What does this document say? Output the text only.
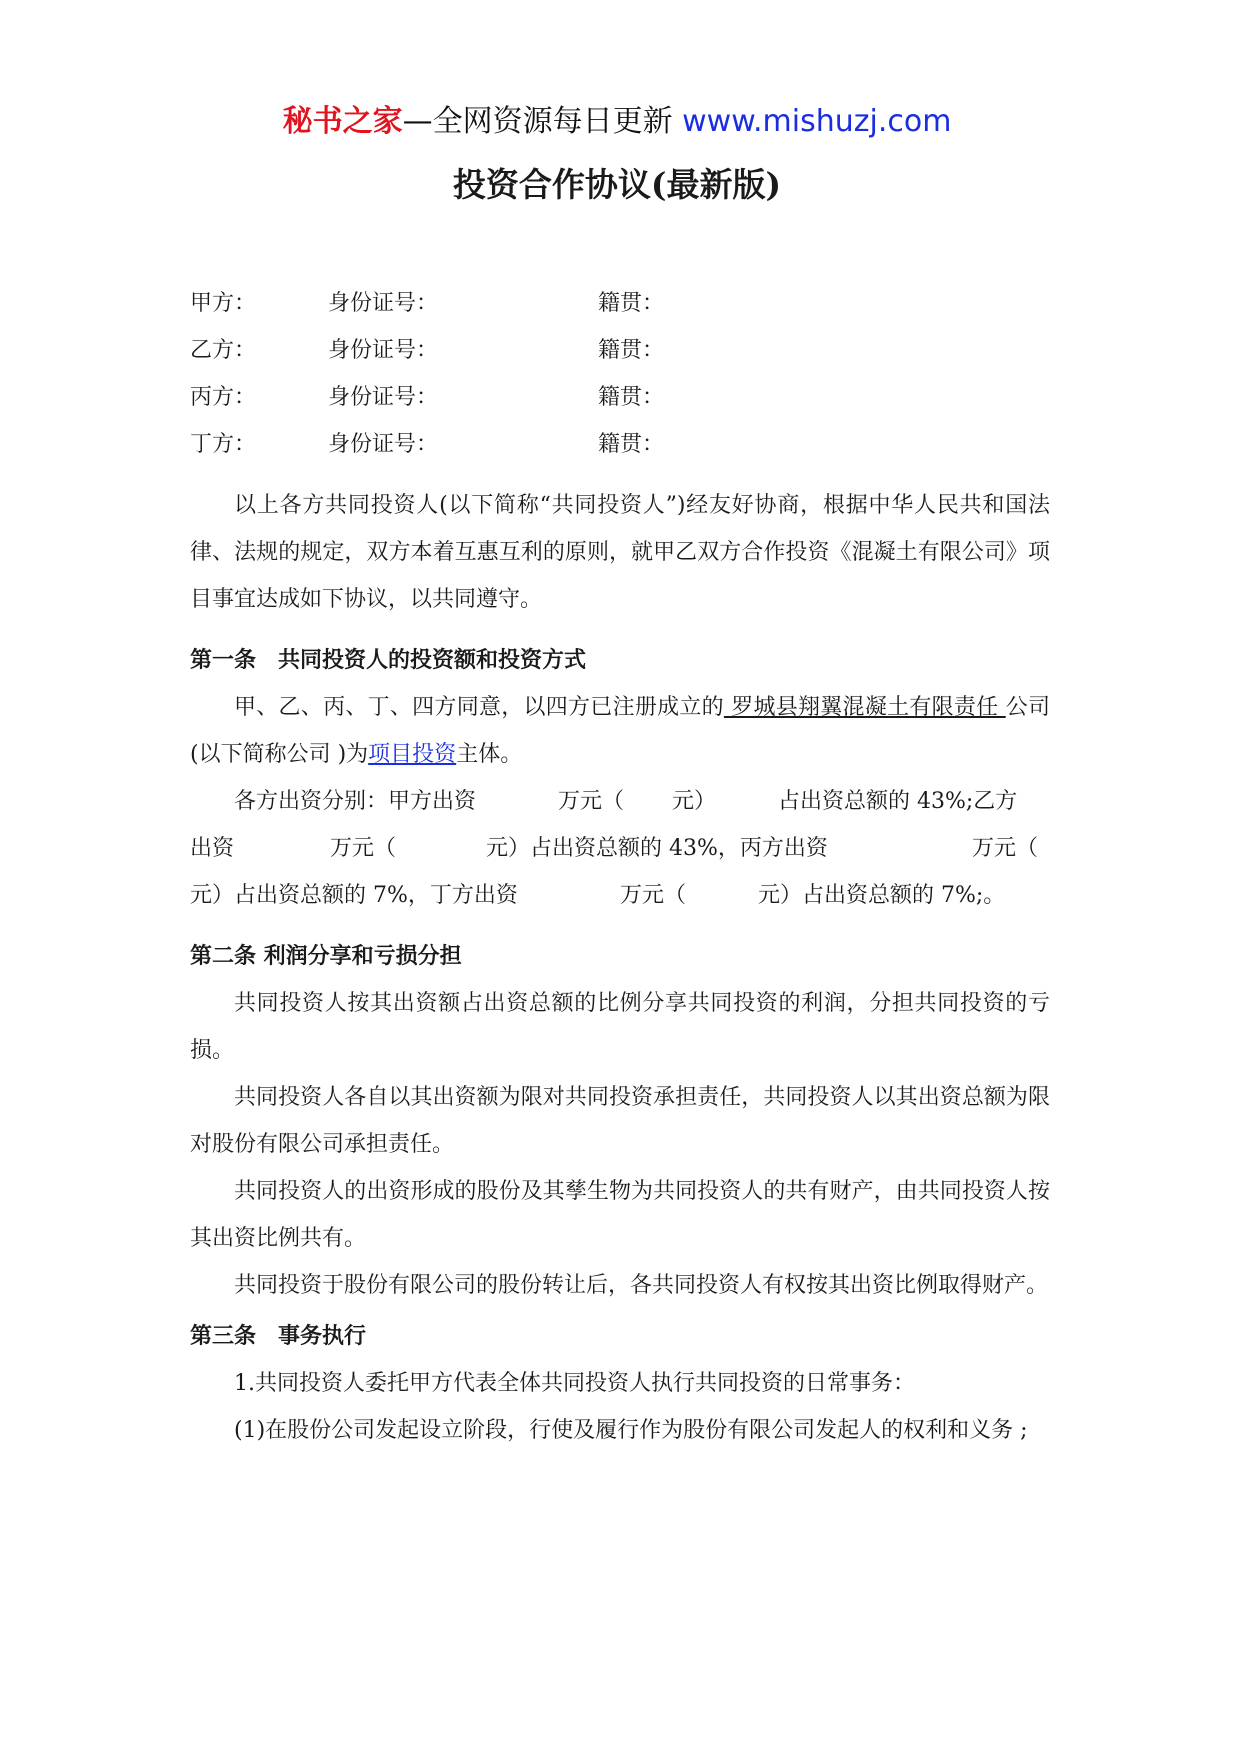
秘书之家—全网资源每日更新 www.mishuzj.com
投资合作协议(最新版)
甲方：	身份证号：	籍贯：
乙方：	身份证号：	籍贯：
丙方：	身份证号：	籍贯：
丁方：	身份证号：	籍贯：

以上各方共同投资人(以下简称“共同投资人”)经友好协商，根据中华人民共和国法律、法规的规定，双方本着互惠互利的原则，就甲乙双方合作投资《混凝土有限公司》项目事宜达成如下协议，以共同遵守。

第一条　共同投资人的投资额和投资方式

甲、乙、丙、丁、四方同意，以四方已注册成立的 罗城县翔翼混凝土有限责任 公司(以下简称公司 )为项目投资主体。

各方出资分别：甲方出资	万元（ 元）	占出资总额的 43%;乙方
出资	万元（	元）占出资总额的 43%，丙方出资	万元（
元）占出资总额的 7%，丁方出资	万元（	元）占出资总额的 7%;。

第二条 利润分享和亏损分担

共同投资人按其出资额占出资总额的比例分享共同投资的利润，分担共同投资的亏损。

共同投资人各自以其出资额为限对共同投资承担责任，共同投资人以其出资总额为限对股份有限公司承担责任。

共同投资人的出资形成的股份及其孳生物为共同投资人的共有财产，由共同投资人按其出资比例共有。

共同投资于股份有限公司的股份转让后，各共同投资人有权按其出资比例取得财产。

第三条　事务执行

1.共同投资人委托甲方代表全体共同投资人执行共同投资的日常事务：

(1)在股份公司发起设立阶段，行使及履行作为股份有限公司发起人的权利和义务 ;
